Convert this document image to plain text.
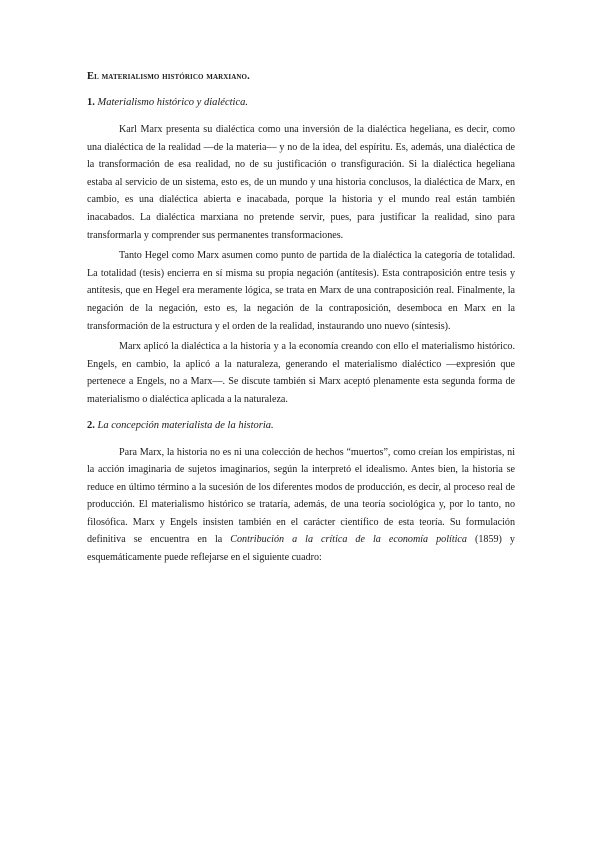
El materialismo histórico marxiano.
1. Materialismo histórico y dialéctica.

Karl Marx presenta su dialéctica como una inversión de la dialéctica hegeliana, es decir, como una dialéctica de la realidad —de la materia— y no de la idea, del espíritu. Es, además, una dialéctica de la transformación de esa realidad, no de su justificación o transfiguración. Si la dialéctica hegeliana estaba al servicio de un sistema, esto es, de un mundo y una historia conclusos, la dialéctica de Marx, en cambio, es una dialéctica abierta e inacabada, porque la historia y el mundo real están también inacabados. La dialéctica marxiana no pretende servir, pues, para justificar la realidad, sino para transformarla y comprender sus permanentes transformaciones.

Tanto Hegel como Marx asumen como punto de partida de la dialéctica la categoría de totalidad. La totalidad (tesis) encierra en sí misma su propia negación (antítesis). Esta contraposición entre tesis y antítesis, que en Hegel era meramente lógica, se trata en Marx de una contraposición real. Finalmente, la negación de la negación, esto es, la negación de la contraposición, desemboca en Marx en la transformación de la estructura y el orden de la realidad, instaurando uno nuevo (síntesis).

Marx aplicó la dialéctica a la historia y a la economía creando con ello el materialismo histórico. Engels, en cambio, la aplicó a la naturaleza, generando el materialismo dialéctico —expresión que pertenece a Engels, no a Marx—. Se discute también si Marx aceptó plenamente esta segunda forma de materialismo o dialéctica aplicada a la naturaleza.

2. La concepción materialista de la historia.

Para Marx, la historia no es ni una colección de hechos “muertos”, como creían los empiristas, ni la acción imaginaria de sujetos imaginarios, según la interpretó el idealismo. Antes bien, la historia se reduce en último término a la sucesión de los diferentes modos de producción, es decir, al proceso real de producción. El materialismo histórico se trataría, además, de una teoría sociológica y, por lo tanto, no filosófica. Marx y Engels insisten también en el carácter científico de esta teoría. Su formulación definitiva se encuentra en la Contribución a la crítica de la economía política (1859) y esquemáticamente puede reflejarse en el siguiente cuadro:
